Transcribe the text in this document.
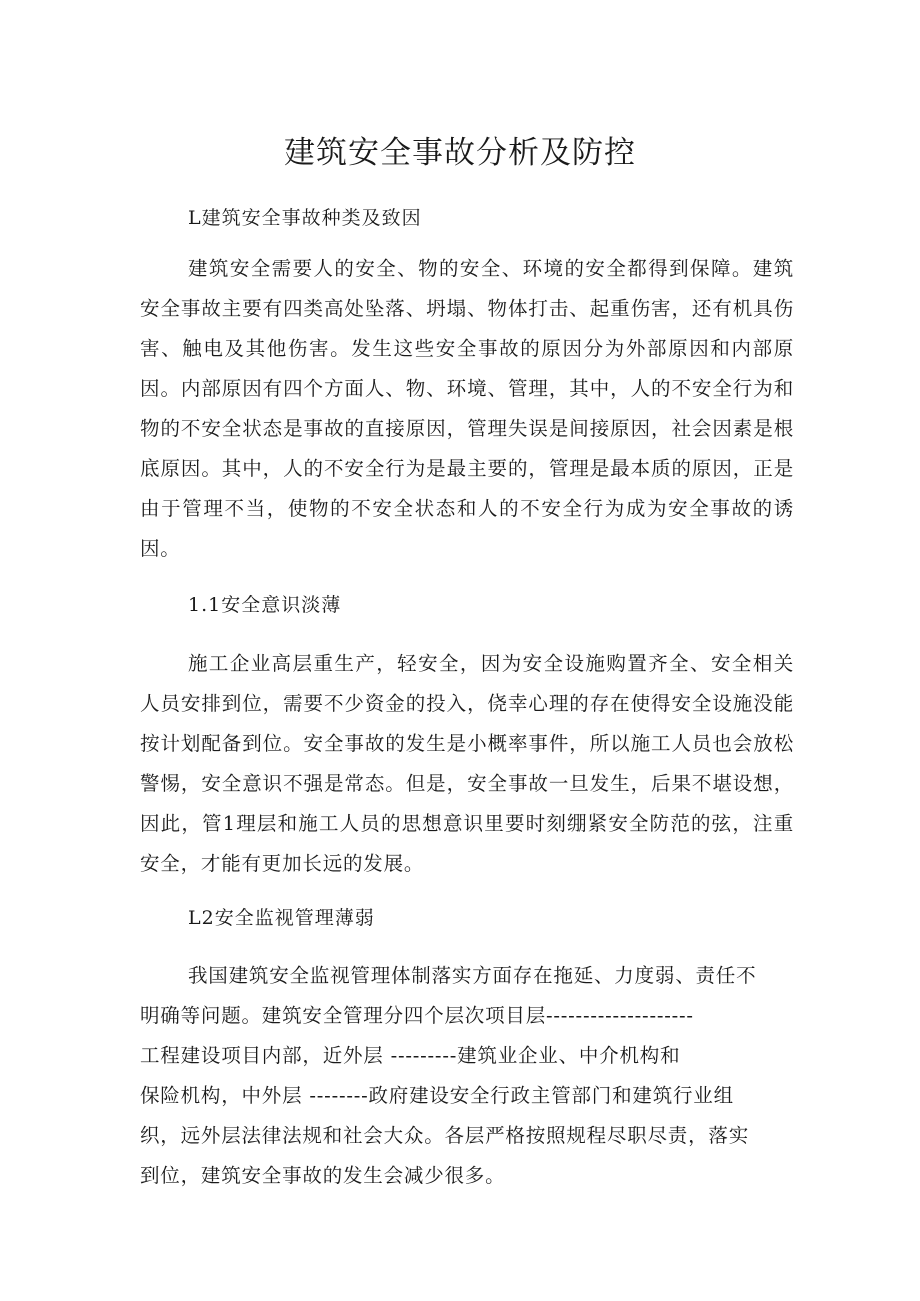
建筑安全事故分析及防控

L建筑安全事故种类及致因

建筑安全需要人的安全、物的安全、环境的安全都得到保障。建筑安全事故主要有四类高处坠落、坍塌、物体打击、起重伤害，还有机具伤害、触电及其他伤害。发生这些安全事故的原因分为外部原因和内部原因。内部原因有四个方面人、物、环境、管理，其中，人的不安全行为和物的不安全状态是事故的直接原因，管理失误是间接原因，社会因素是根底原因。其中，人的不安全行为是最主要的，管理是最本质的原因，正是由于管理不当，使物的不安全状态和人的不安全行为成为安全事故的诱因。

1.1安全意识淡薄

施工企业高层重生产，轻安全，因为安全设施购置齐全、安全相关人员安排到位，需要不少资金的投入，侥幸心理的存在使得安全设施没能按计划配备到位。安全事故的发生是小概率事件，所以施工人员也会放松警惕，安全意识不强是常态。但是，安全事故一旦发生，后果不堪设想，因此，管1理层和施工人员的思想意识里要时刻绷紧安全防范的弦，注重安全，才能有更加长远的发展。

L2安全监视管理薄弱

我国建筑安全监视管理体制落实方面存在拖延、力度弱、责任不
明确等问题。建筑安全管理分四个层次项目层--------------------
工程建设项目内部，近外层 ---------建筑业企业、中介机构和
保险机构，中外层 --------政府建设安全行政主管部门和建筑行业组
织，远外层法律法规和社会大众。各层严格按照规程尽职尽责，落实
到位，建筑安全事故的发生会减少很多。
